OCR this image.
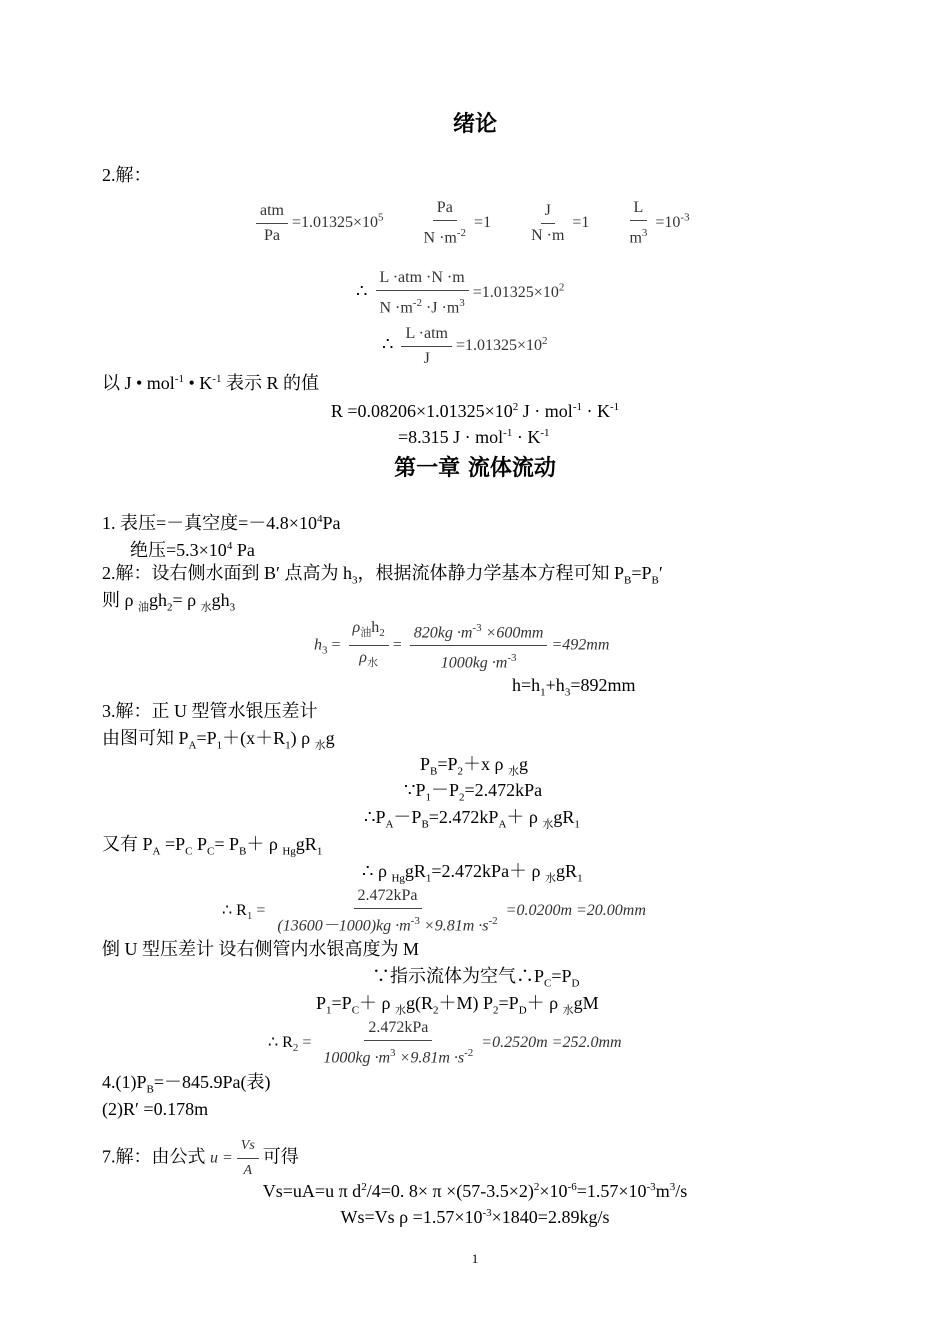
绪论
2.解：
$\frac{\text{atm}}{Pa} =1.01325\times 10^5 \frac{Pa}{N \cdot m^{-2}} =1 \frac{J}{N \cdot m} =1 \frac{L}{m^3} =10^{-3}$
∴ $\frac{\text{L ·atm ·N ·m}}{N \cdot m^{-2} \cdot J \cdot m^3} =1.01325\times 10^2$
∴ $\frac{\text{L ·atm}}{J} =1.01325\times 10^2$
以 J • mol$^{-1}$ • $K^{-1}$ 表示 R 的值
$R =0.08206\times 1.01325\times 10^2$ $J \cdot mol^{-1} \cdot K^{-1}$
=8.315 $J \cdot mol^{-1} \cdot K^{-1}$
第一章 流体流动
1. 表压=－真空度$=-4.8\times 10^4Pa$
绝压$=5.3\times 10^4$ Pa
2.解：设右侧水面到 B′ 点高为 $h_3$，根据流体静力学基本方程可知 $P_B=P_B'$
则 ρ $_油gh_2= \rho$ $_水gh_3$
$h_3 = \frac{\rho_油h_2}{\rho_水} = \frac{820kg \cdot m^{-3} \times 600mm}{1000kg \cdot m^{-3}} =492mm$
$h=h_1+h_3=892mm$
3.解：正 U 型管水银压差计
由图可知 $P_A=P_1+(x+R_1)$ ρ $_水$g
$P_B=P_2+x$ ρ $_水$g
$\because P_1-P_2=2.472kPa$
$\therefore P_A-P_B=2.472kP_A+ \rho$ $_水gR_1$
又有 $P_A =P_C$ $P_C= P_B+ \rho$ $_{Hg}gR_1$
∴ ρ $_{Hg}gR_1=2.472kPa+ \rho$ $_水gR_1$
∴ $R_1 = \frac{\text{2.472kPa}}{(13600-1000)kg \cdot m^{-3} \times 9.81m \cdot s^{-2}} =0.0200m =20.00mm$
倒 U 型压差计 设右侧管内水银高度为 M
∵指示流体为空气$\therefore P_C=P_D$
$P_1=P_C+ \rho$ $_水g(R_2+M)$ $P_2=P_D+ \rho$ $_水$gM
∴ $R_2 = \frac{\text{2.472kPa}}{1000kg \cdot m^3 \times 9.81m \cdot s^{-2}} =0.2520m =252.0mm$
$4.(1)P_B=-845.9Pa$(表)
(2)R′ =0.178m
7.解：由公式 $u = \frac{Vs}{A}$ 可得
Vs=uA=u π $d^2/4=0$. $8\times \pi \times(57-3.5\times 2)^2\times 10^{-6}=1.57\times 10^{-3}m^3/s$
Ws=Vs $\rho =1.57\times 10^{-3}\times 1840=2.89kg/s$
1
